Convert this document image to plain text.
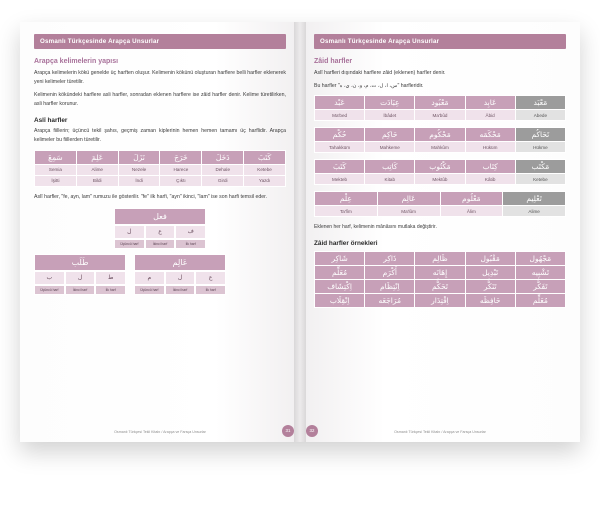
Osmanlı Türkçesinde Arapça Unsurlar
Arapça kelimelerin yapısı

Arapça kelimelerin kökü genelde üç harften oluşur. Kelimenin kökünü oluşturan harflere belli harfler eklenerek yeni kelimeler türetilir.

Kelimenin kökündeki harflere asli harfler, sonradan eklenen harflere ise zâid harfler denir. Kelime türetilirken, asli harfler korunur.

Aslî harfler

Arapça fiillerin; üçüncü tekil şahıs, geçmiş zaman kiplerinin hemen hemen tamamı üç harflidir. Arapça kelimeler bu fiillerden türetilir.

سَمِعَ	عَلِمَ	نَزَلَ	خَرَجَ	دَخَلَ	كَتَبَ
Semia	Alime	Nezele	Harece	Dehale	Ketebe
İşitti	Bildi	İndi	Çıktı	Girdi	Yazdı

Aslî harfler, "fe, ayn, lam" rumuzu ile gösterilir. "fe" ilk harfi, "ayn" ikinci, "lam" ise son harfi temsil eder.

فعل
ل	ع	ف
Üçüncü harf	İkinci harf	İlk harf
طَلَب
ب	ل	ط
Üçüncü harf	İkinci harf	İlk harf
عَالِم
م	ل	ع
Üçüncü harf	İkinci harf	İlk harf
Osmanlı Türkçesi Tekli Kitabı / Arapça ve Farsça Unsurlar	31
Osmanlı Türkçesinde Arapça Unsurlar
Zâid harfler

Aslî harfleri dışındaki harflere zâid (eklenen) harfler denir.

Bu harfler "س، ا، ل، ت، م، و، ن، ي، ه" harfleridir.

عَبْد	عِبَادَت	مَعْبُود	عَابِد	مَعْبَد
Ma'bed	İbâdet	Ma'bûd	Âbid	Abede
حُكْم	حَاكِم	مَحْكُوم	مَحْكَمَه	تَحَاكُم
Tahakküm	Mahkeme	Mahkûm	Hüküm	Hükme
كَتَبَ	كَاتِب	مَكْتُوب	كِتَاب	مَكْتَب
Mekteb	Kitab	Mektûb	Kâtib	Ketebe
عِلْم	عَالِم	مَعْلُوم	تَعْلِيم
Ta'lîm	Ma'lûm	Âlim	Alime

Eklenen her harf, kelimenin mânâsını mutlaka değiştirir.

Zâid harfler örnekleri
شَاكِر	ذَاكِر	ظَالِم	مَقْبُول	مَجْهُول
مُعَلِّم	أَكْرَم	إِهَانَه	تَبْدِيل	تَشْبِيه
اِكْتِشَاف	اِنْتِظَام	تَحَكُّم	تَنَكُّر	تَفَكُّر
اِنْقِلَاب	مُرَاجَعَه	اِقْتِدَار	حَافِظَه	مُعَلِّم
Osmanlı Türkçesi Tekli Kitabı / Arapça ve Farsça Unsurlar
32
